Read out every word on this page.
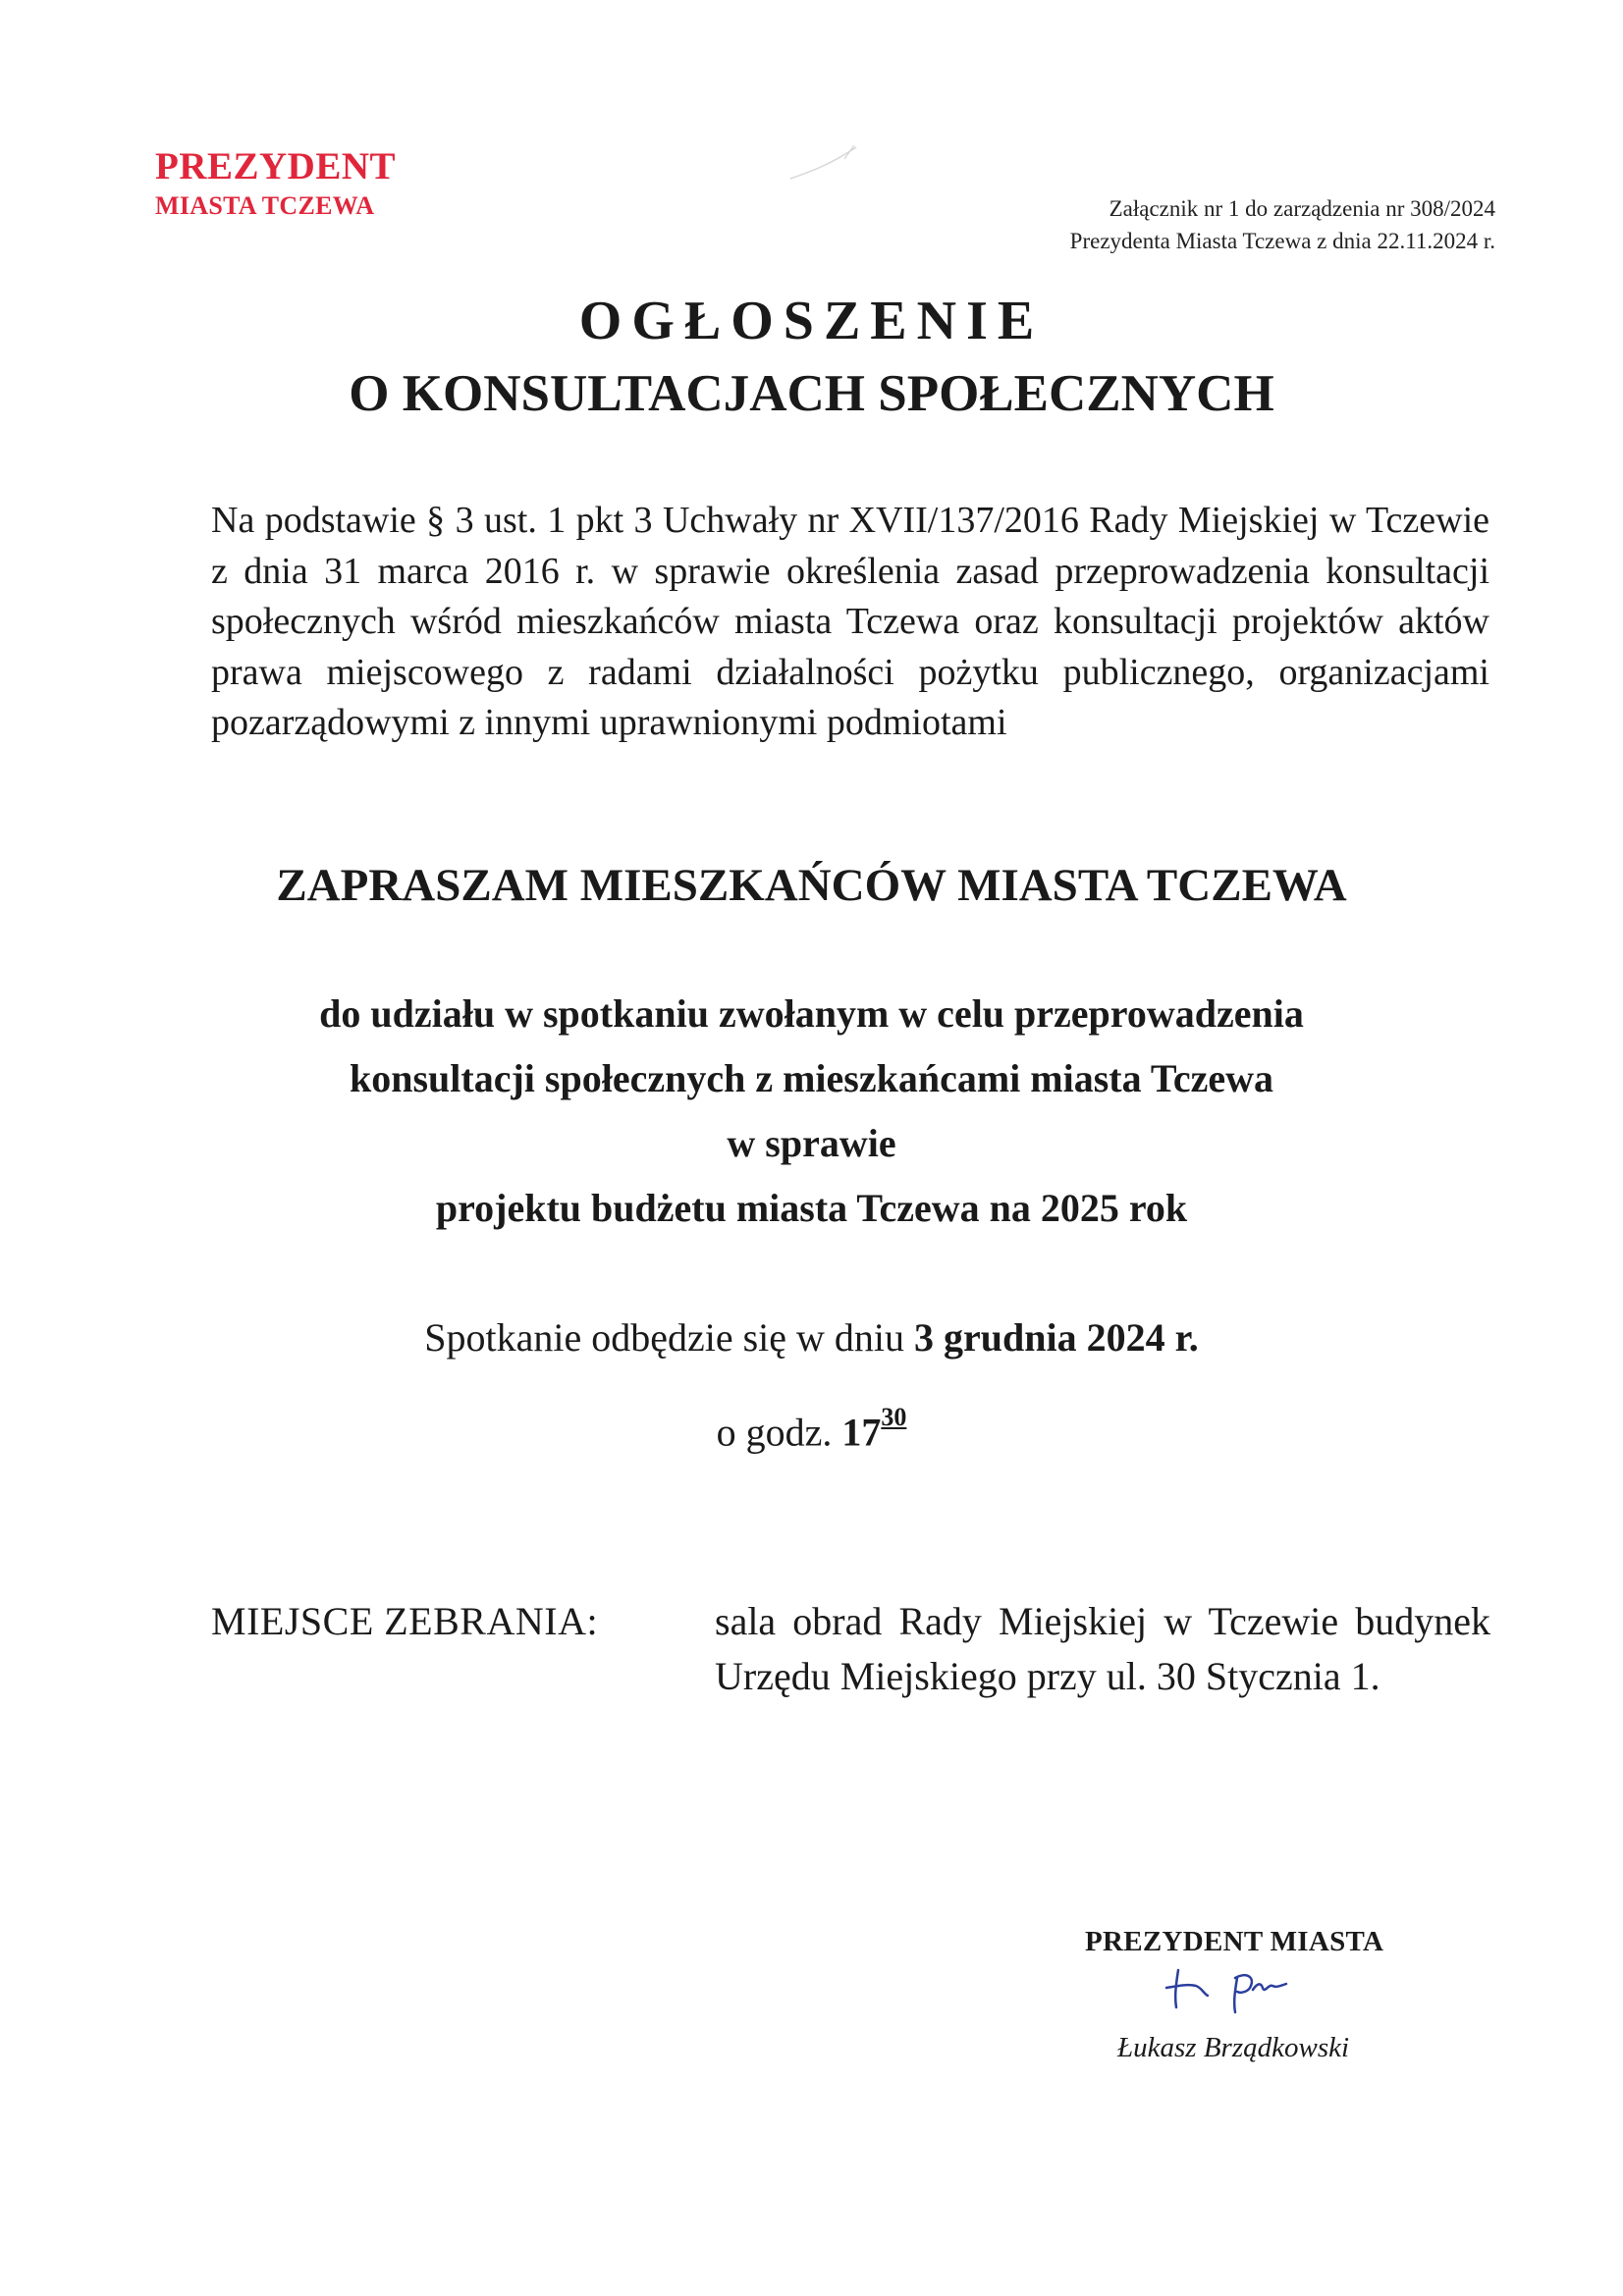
PREZYDENT
MIASTA TCZEWA	Załącznik nr 1 do zarządzenia nr 308/2024
Prezydenta Miasta Tczewa z dnia 22.11.2024 r.
OGŁOSZENIE
O KONSULTACJACH SPOŁECZNYCH

Na podstawie § 3 ust. 1 pkt 3 Uchwały nr XVII/137/2016 Rady Miejskiej w Tczewie z dnia 31 marca 2016 r. w sprawie określenia zasad przeprowadzenia konsultacji społecznych wśród mieszkańców miasta Tczewa oraz konsultacji projektów aktów prawa miejscowego z radami działalności pożytku publicznego, organizacjami pozarządowymi z innymi uprawnionymi podmiotami

ZAPRASZAM MIESZKAŃCÓW MIASTA TCZEWA
do udziału w spotkaniu zwołanym w celu przeprowadzenia
konsultacji społecznych z mieszkańcami miasta Tczewa
w sprawie
projektu budżetu miasta Tczewa na 2025 rok
Spotkanie odbędzie się w dniu 3 grudnia 2024 r.
o godz. $17^{30}$
MIEJSCE ZEBRANIA:	sala obrad Rady Miejskiej w Tczewie budynek Urzędu Miejskiego przy ul. 30 Stycznia 1.

PREZYDENT MIASTA
Łukasz Brządkowski
